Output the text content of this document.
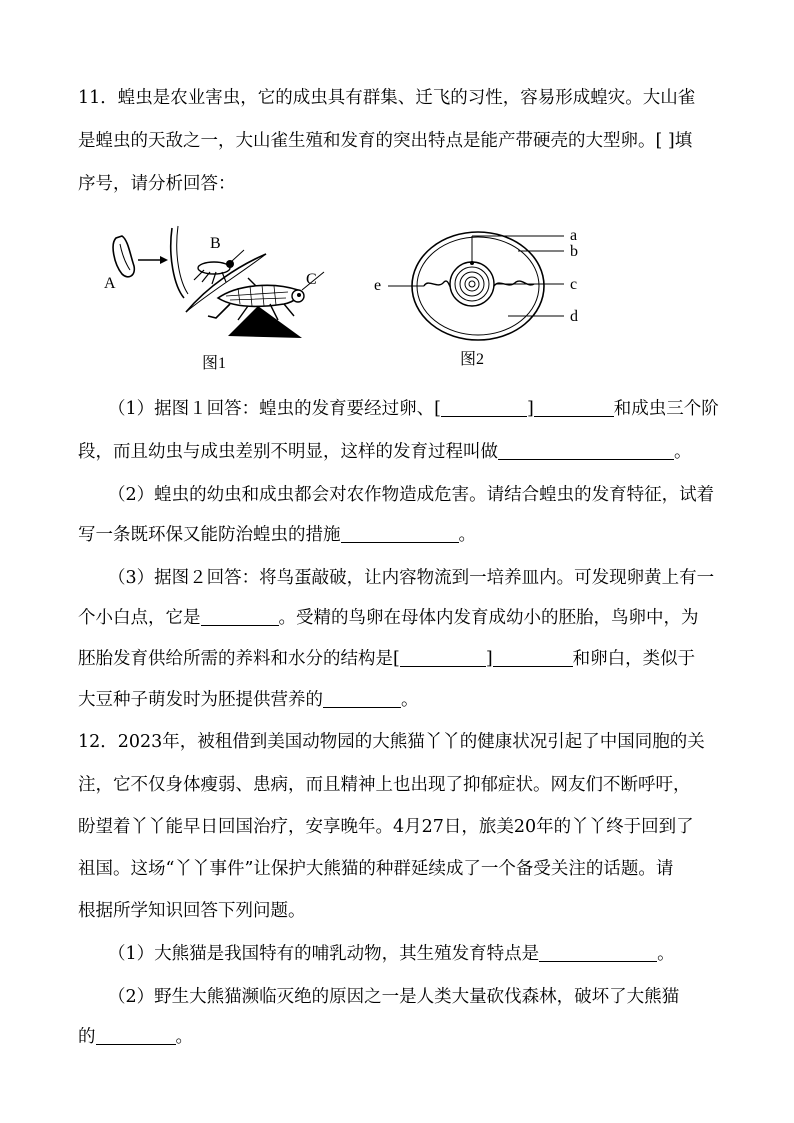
11．蝗虫是农业害虫，它的成虫具有群集、迁飞的习性，容易形成蝗灾。大山雀
是蝗虫的天敌之一，大山雀生殖和发育的突出特点是能产带硬壳的大型卵。[ ]填
序号，请分析回答：
A
B
C
图1
a
b
c
d
e
图2
（1）据图１回答：蝗虫的发育要经过卵、[	]	和成虫三个阶
段，而且幼虫与成虫差别不明显，这样的发育过程叫做	。
（2）蝗虫的幼虫和成虫都会对农作物造成危害。请结合蝗虫的发育特征，试着
写一条既环保又能防治蝗虫的措施	。
（3）据图２回答：将鸟蛋敲破，让内容物流到一培养皿内。可发现卵黄上有一
个小白点，它是	。受精的鸟卵在母体内发育成幼小的胚胎，鸟卵中，为
胚胎发育供给所需的养料和水分的结构是[	]	和卵白，类似于
大豆种子萌发时为胚提供营养的	。
12．2023年，被租借到美国动物园的大熊猫丫丫的健康状况引起了中国同胞的关
注，它不仅身体瘦弱、患病，而且精神上也出现了抑郁症状。网友们不断呼吁，
盼望着丫丫能早日回国治疗，安享晚年。4月27日，旅美20年的丫丫终于回到了
祖国。这场“丫丫事件”让保护大熊猫的种群延续成了一个备受关注的话题。请
根据所学知识回答下列问题。
（1）大熊猫是我国特有的哺乳动物，其生殖发育特点是	。
（2）野生大熊猫濒临灭绝的原因之一是人类大量砍伐森林，破坏了大熊猫
的	。
